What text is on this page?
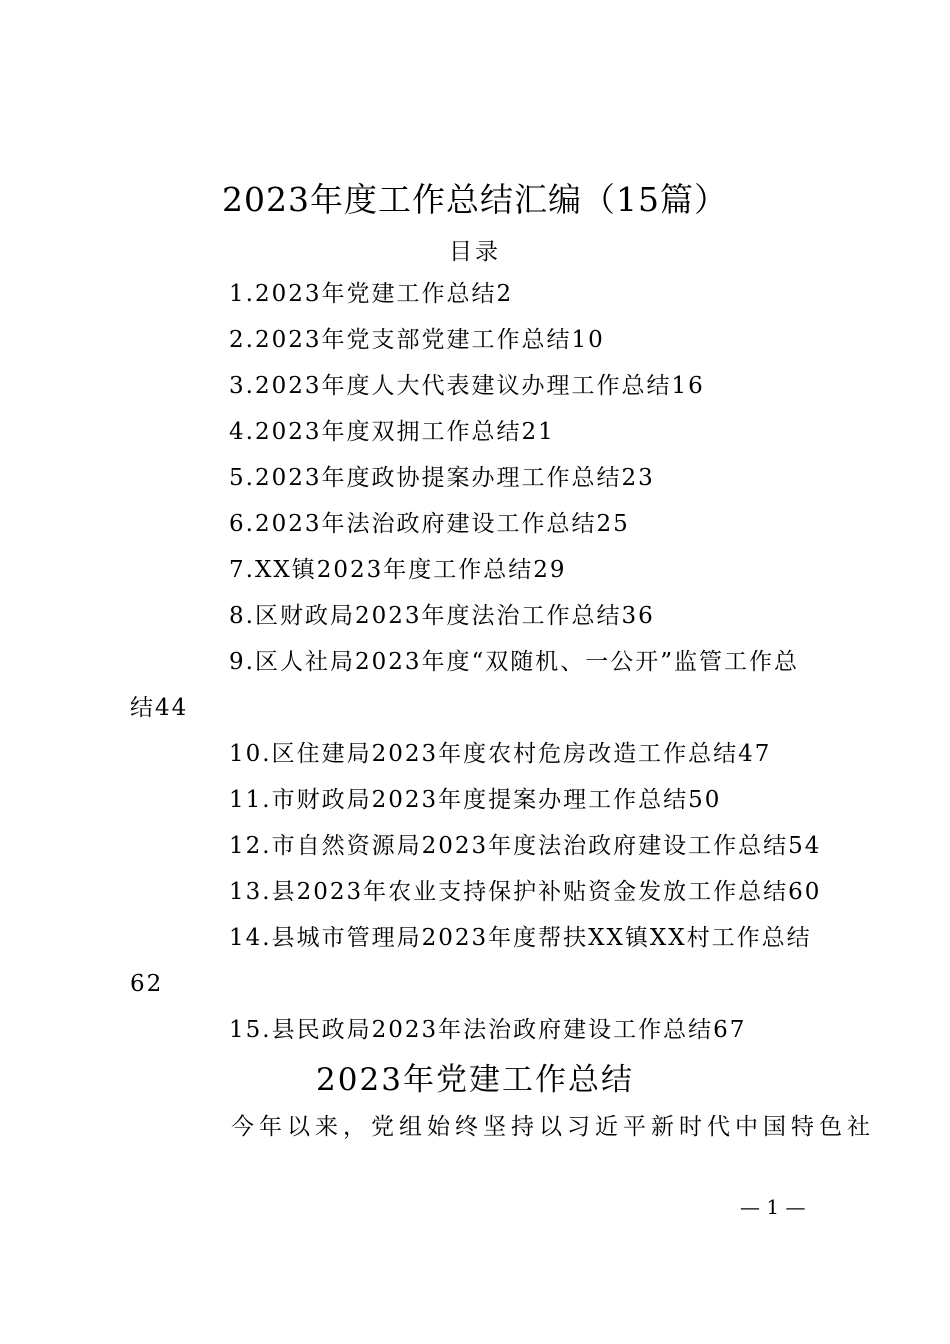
2023年度工作总结汇编（15篇）
目录
1.2023年党建工作总结2
2.2023年党支部党建工作总结10
3.2023年度人大代表建议办理工作总结16
4.2023年度双拥工作总结21
5.2023年度政协提案办理工作总结23
6.2023年法治政府建设工作总结25
7.XX镇2023年度工作总结29
8.区财政局2023年度法治工作总结36
9.区人社局2023年度“双随机、一公开”监管工作总
结44
10.区住建局2023年度农村危房改造工作总结47
11.市财政局2023年度提案办理工作总结50
12.市自然资源局2023年度法治政府建设工作总结54
13.县2023年农业支持保护补贴资金发放工作总结60
14.县城市管理局2023年度帮扶XX镇XX村工作总结
62
15.县民政局2023年法治政府建设工作总结67
2023年党建工作总结
今年以来，党组始终坚持以习近平新时代中国特色社
— 1 —
